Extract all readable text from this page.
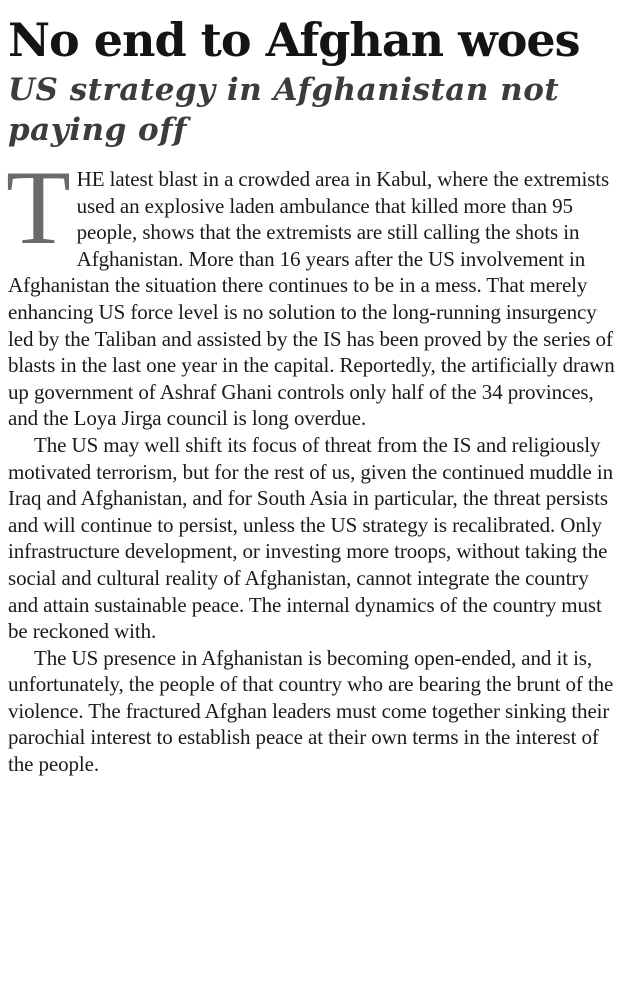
No end to Afghan woes
US strategy in Afghanistan not paying off

T HE latest blast in a crowded area in Kabul, where the extremists used an explosive laden ambulance that killed more than 95 people, shows that the extremists are still calling the shots in Afghanistan. More than 16 years after the US involvement in Afghanistan the situation there continues to be in a mess. That merely enhancing US force level is no solution to the long-running insurgency led by the Taliban and assisted by the IS has been proved by the series of blasts in the last one year in the capital. Reportedly, the artificially drawn up government of Ashraf Ghani controls only half of the 34 provinces, and the Loya Jirga council is long overdue.

The US may well shift its focus of threat from the IS and religiously motivated terrorism, but for the rest of us, given the continued muddle in Iraq and Afghanistan, and for South Asia in particular, the threat persists and will continue to persist, unless the US strategy is recalibrated. Only infrastructure development, or investing more troops, without taking the social and cultural reality of Afghanistan, cannot integrate the country and attain sustainable peace. The internal dynamics of the country must be reckoned with.

The US presence in Afghanistan is becoming open-ended, and it is, unfortunately, the people of that country who are bearing the brunt of the violence. The fractured Afghan leaders must come together sinking their parochial interest to establish peace at their own terms in the interest of the people.
